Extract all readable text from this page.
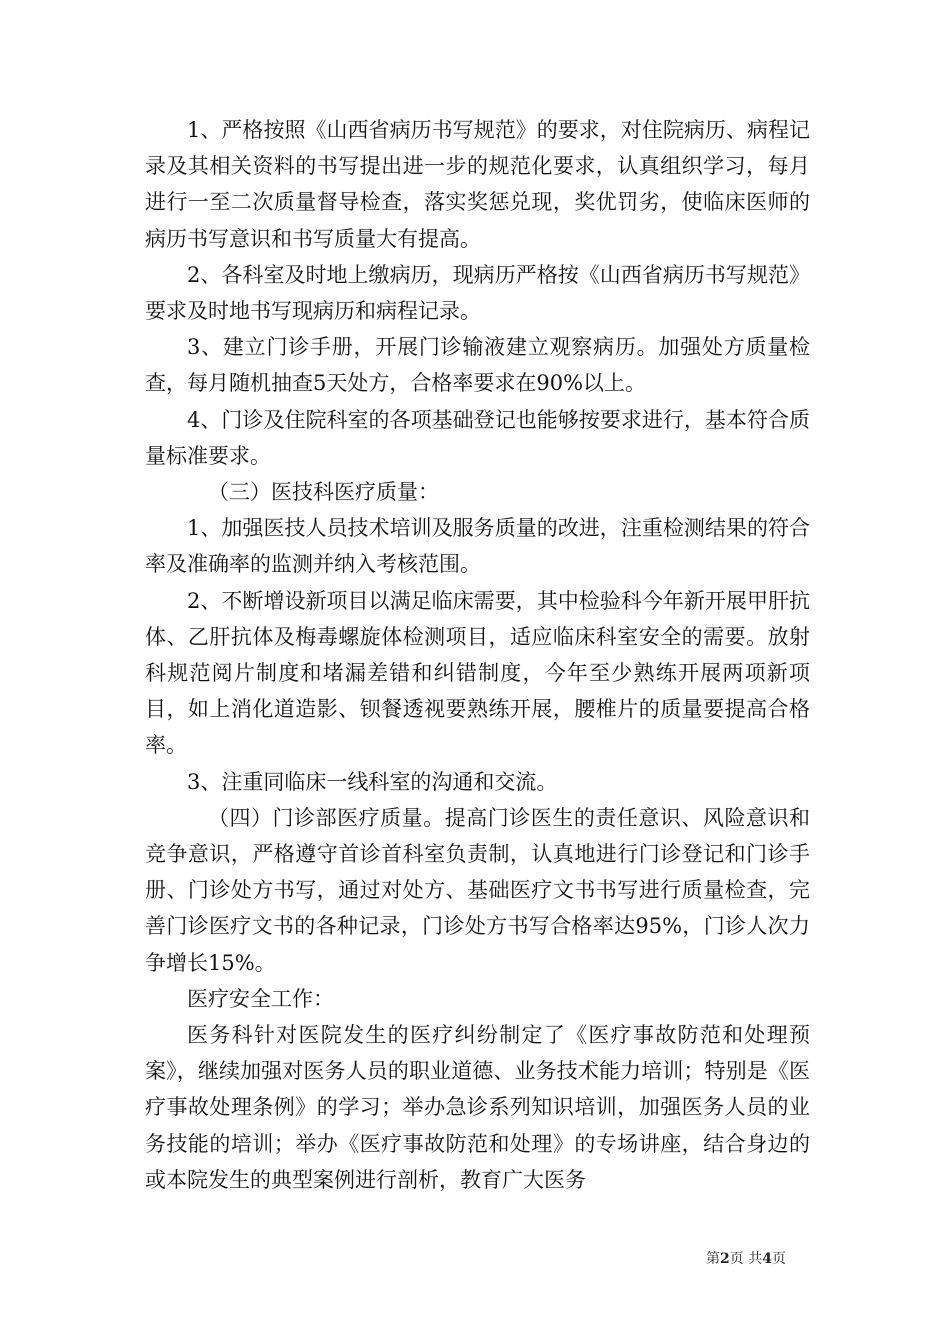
1、严格按照《山西省病历书写规范》的要求，对住院病历、病程记录及其相关资料的书写提出进一步的规范化要求，认真组织学习，每月进行一至二次质量督导检查，落实奖惩兑现，奖优罚劣，使临床医师的病历书写意识和书写质量大有提高。

2、各科室及时地上缴病历，现病历严格按《山西省病历书写规范》要求及时地书写现病历和病程记录。

3、建立门诊手册，开展门诊输液建立观察病历。加强处方质量检查，每月随机抽查5天处方，合格率要求在90%以上。

4、门诊及住院科室的各项基础登记也能够按要求进行，基本符合质量标准要求。

（三）医技科医疗质量：

1、加强医技人员技术培训及服务质量的改进，注重检测结果的符合率及准确率的监测并纳入考核范围。

2、不断增设新项目以满足临床需要，其中检验科今年新开展甲肝抗体、乙肝抗体及梅毒螺旋体检测项目，适应临床科室安全的需要。放射科规范阅片制度和堵漏差错和纠错制度，今年至少熟练开展两项新项目，如上消化道造影、钡餐透视要熟练开展，腰椎片的质量要提高合格率。

3、注重同临床一线科室的沟通和交流。

（四）门诊部医疗质量。提高门诊医生的责任意识、风险意识和竞争意识，严格遵守首诊首科室负责制，认真地进行门诊登记和门诊手册、门诊处方书写，通过对处方、基础医疗文书书写进行质量检查，完善门诊医疗文书的各种记录，门诊处方书写合格率达95%，门诊人次力争增长15%。

医疗安全工作：

医务科针对医院发生的医疗纠纷制定了《医疗事故防范和处理预案》，继续加强对医务人员的职业道德、业务技术能力培训；特别是《医疗事故处理条例》的学习；举办急诊系列知识培训，加强医务人员的业务技能的培训；举办《医疗事故防范和处理》的专场讲座，结合身边的或本院发生的典型案例进行剖析，教育广大医务

第2页 共4页
